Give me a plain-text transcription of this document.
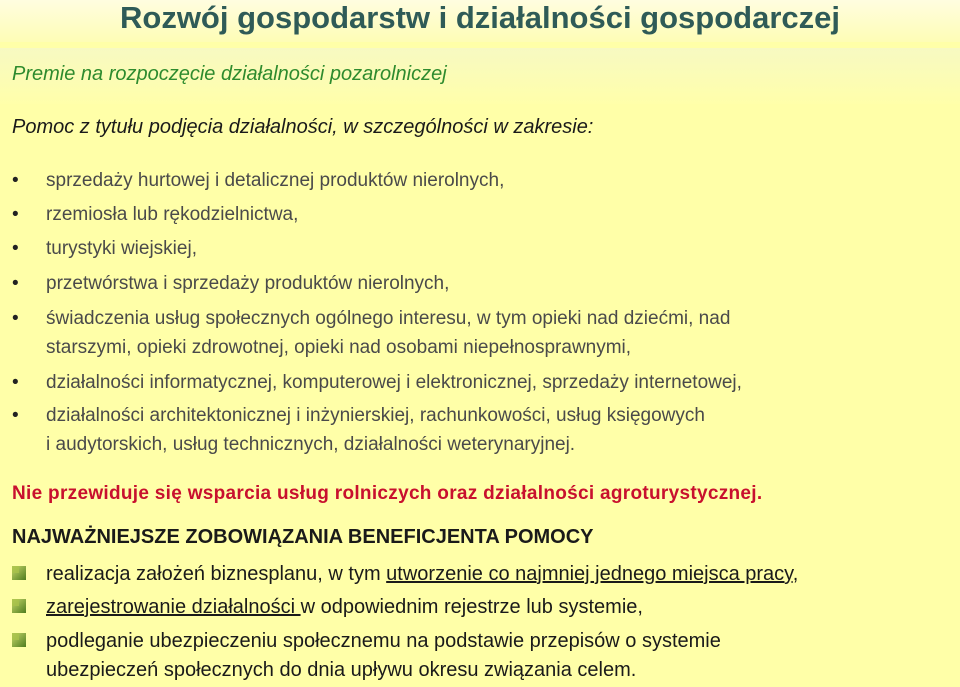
Rozwój gospodarstw i działalności gospodarczej
Premie na rozpoczęcie działalności pozarolniczej
Pomoc z tytułu podjęcia działalności, w szczególności w zakresie:
• sprzedaży hurtowej i detalicznej produktów nierolnych,
• rzemiosła lub rękodzielnictwa,
• turystyki wiejskiej,
• przetwórstwa i sprzedaży produktów nierolnych,
• świadczenia usług społecznych ogólnego interesu, w tym opieki nad dziećmi, nad
starszymi, opieki zdrowotnej, opieki nad osobami niepełnosprawnymi,
• działalności informatycznej, komputerowej i elektronicznej, sprzedaży internetowej,
• działalności architektonicznej i inżynierskiej, rachunkowości, usług księgowych
i audytorskich, usług technicznych, działalności weterynaryjnej.
Nie przewiduje się wsparcia usług rolniczych oraz działalności agroturystycznej.
NAJWAŻNIEJSZE ZOBOWIĄZANIA BENEFICJENTA POMOCY
realizacja założeń biznesplanu, w tym utworzenie co najmniej jednego miejsca pracy,
zarejestrowanie działalności w odpowiednim rejestrze lub systemie,
podleganie ubezpieczeniu społecznemu na podstawie przepisów o systemie
ubezpieczeń społecznych do dnia upływu okresu związania celem.
